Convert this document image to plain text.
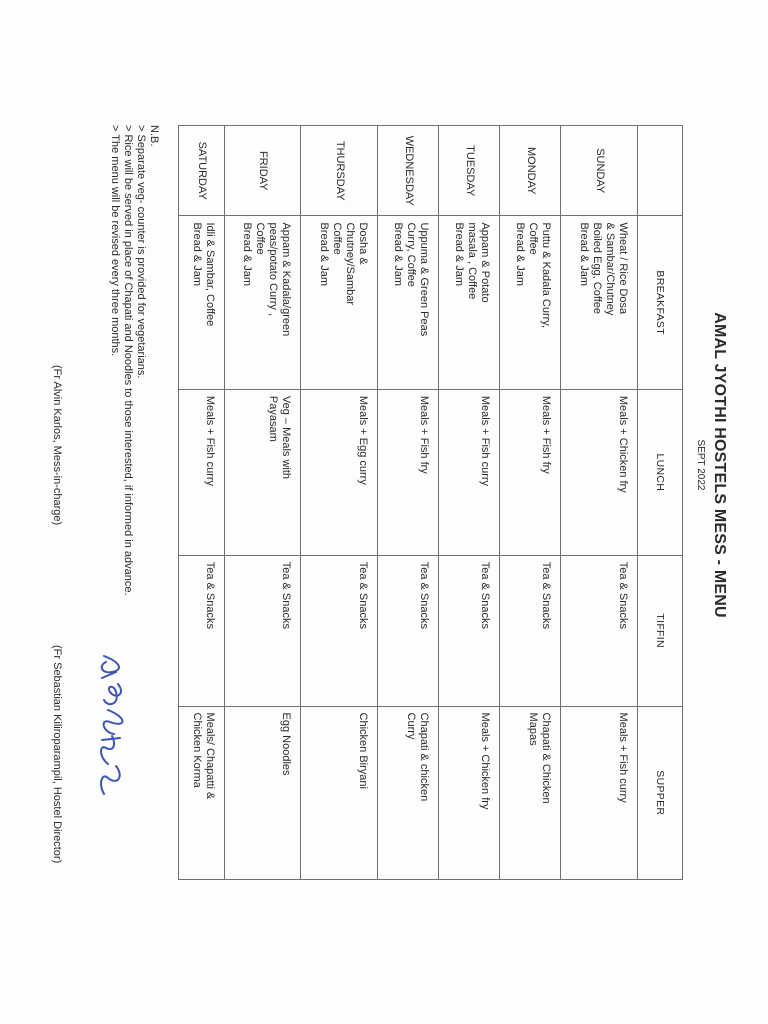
AMAL JYOTHI HOSTELS MESS - MENU
SEPT 2022
	BREAKFAST	LUNCH	TIFFIN	SUPPER
SUNDAY	Wheat / Rice Dosa
& Sambar/Chutney
Boiled Egg, Coffee
Bread & Jam	Meals + Chicken fry	Tea & Snacks	Meals + Fish curry
MONDAY	Puttu & Kadala Curry,
Coffee
Bread & Jam	Meals + Fish fry	Tea & Snacks	Chapati & Chicken
Mapas
TUESDAY	Appam & Potato
masala , Coffee
Bread & Jam	Meals + Fish curry	Tea & Snacks	Meals + Chicken fry
WEDNESDAY	Uppuma & Green Peas
Curry, Coffee
Bread & Jam	Meals + Fish fry	Tea & Snacks	Chapati & chicken
Curry
THURSDAY	Dosha &
Chutney/Sambar
Coffee
Bread & Jam	Meals + Egg curry	Tea & Snacks	Chicken Biryani
FRIDAY	Appam & Kadala/green
peas/potato Curry ,
Coffee
Bread & Jam	Veg – Meals with
Payasam	Tea & Snacks	Egg Noodles
SATURDAY	Idli & Sambar, Coffee
Bread & Jam	Meals + Fish curry	Tea & Snacks	Meals/ Chapatti &
Chicken Korma
N.B.
> Separate veg- counter is provided for vegetarians.
> Rice will be served in place of Chapati and Noodles to those interested, if informed in advance.
> The menu will be revised every three months.
(Fr Alvin Karlos, Mess-in-charge)
(Fr Sebastian Kiliroparampil, Hostel Director)
